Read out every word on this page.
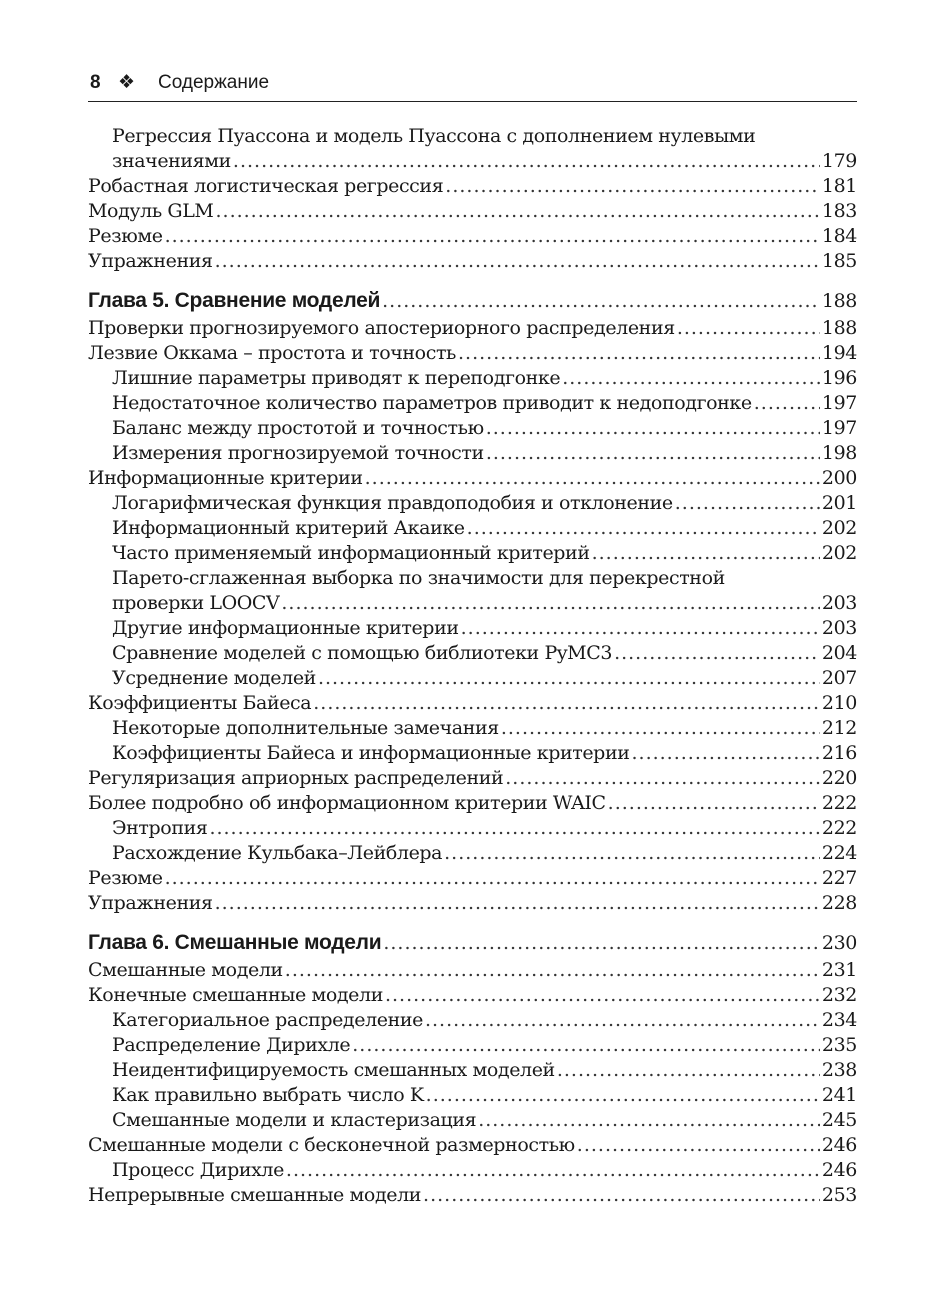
8 ❖ Содержание
Регрессия Пуассона и модель Пуассона с дополнением нулевыми
значениями .....	179
Робастная логистическая регрессия .....	181
Модуль GLM .....	183
Резюме .....	184
Упражнения .....	185
Глава 5. Сравнение моделей .....	188
Проверки прогнозируемого апостериорного распределения .....	188
Лезвие Оккама – простота и точность .....	194
Лишние параметры приводят к переподгонке .....	196
Недостаточное количество параметров приводит к недоподгонке .....	197
Баланс между простотой и точностью .....	197
Измерения прогнозируемой точности .....	198
Информационные критерии .....	200
Логарифмическая функция правдоподобия и отклонение .....	201
Информационный критерий Акаике .....	202
Часто применяемый информационный критерий .....	202
Парето-сглаженная выборка по значимости для перекрестной
проверки LOOCV .....	203
Другие информационные критерии .....	203
Сравнение моделей с помощью библиотеки PyMC3 .....	204
Усреднение моделей .....	207
Коэффициенты Байеса .....	210
Некоторые дополнительные замечания .....	212
Коэффициенты Байеса и информационные критерии .....	216
Регуляризация априорных распределений .....	220
Более подробно об информационном критерии WAIC .....	222
Энтропия .....	222
Расхождение Кульбака–Лейблера .....	224
Резюме .....	227
Упражнения .....	228
Глава 6. Смешанные модели .....	230
Смешанные модели .....	231
Конечные смешанные модели .....	232
Категориальное распределение .....	234
Распределение Дирихле .....	235
Неидентифицируемость смешанных моделей .....	238
Как правильно выбрать число K .....	241
Смешанные модели и кластеризация .....	245
Смешанные модели с бесконечной размерностью .....	246
Процесс Дирихле .....	246
Непрерывные смешанные модели .....	253
